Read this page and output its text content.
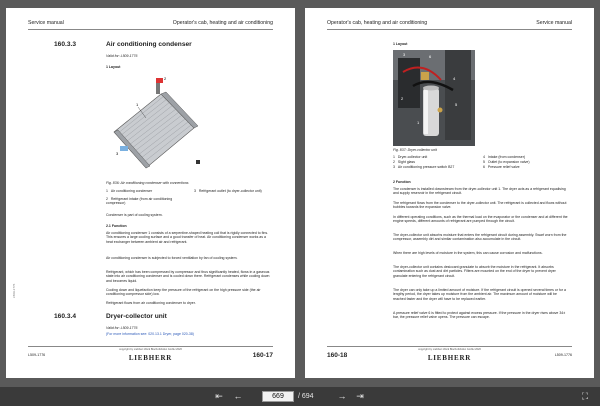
Service manual	Operator's cab, heating and air conditioning
160.3.3	Air conditioning condenser
Valid for: L509-1776
1 Layout
2
3
1
Fig. 836: Air conditioning condenser with connections
1 Air conditioning condenser
2 Refrigerant intake (from air conditioning compressor)
3 Refrigerant outlet (to dryer-collector unit)
Condenser is part of cooling system.
2.1 Function
Air conditioning condenser 1 consists of a serpentine-shaped heating coil that is rigidly connected to fins. This ensures a large cooling surface and a good transfer of heat. Air conditioning condenser works as a heat exchanger between ambient air and refrigerant.
Air conditioning condenser is subjected to forced ventilation by fan of cooling system.
Refrigerant, which has been compressed by compressor and thus significantly heated, flows in a gaseous state into air conditioning condenser and is cooled down there. Refrigerant condenses while cooling down and becomes liquid.
Cooling down and liquefaction keep the pressure of the refrigerant on the high pressure side (the air conditioning compressor side) low.
Refrigerant flows from air conditioning condenser to dryer.
160.3.4	Dryer-collector unit
Valid for: L509-1776
(For more information see: 020.13.1 Dryer, page 020-38)
L509-1776
L509-1776
copyright by Liebherr-Werk Bischofshofen GmbH 2020
LIEBHERR	160-17
Operator's cab, heating and air conditioning	Service manual
1 Layout
6
3
4
2
5
1
Fig. 837: Dryer-collector unit
1 Dryer-collector unit
2 Sight glass
3 Air conditioning pressure switch B27
4 Intake (from condenser)
5 Outlet (to expansion valve)
6 Pressure relief valve
2 Function
The condenser is installed downstream from the dryer-collector unit 1. The dryer acts as a refrigerant equalising and supply reservoir in the refrigerant circuit.
The refrigerant flows from the condenser to the dryer-collector unit. The refrigerant is collected and flows without bubbles towards the expansion valve.
In different operating conditions, such as the thermal load on the evaporator or the condenser and at different the engine speeds, different amounts of refrigerant are pumped through the circuit.
The dryer-collector unit absorbs moisture that enters the refrigerant circuit during assembly. Swarf worn from the compressor, assembly dirt and similar contamination also accumulate in the circuit.
When there are high levels of moisture in the system, this can cause corrosion and malfunctions.
The dryer-collector unit contains desiccant granulate to absorb the moisture in the refrigerant. It absorbs contamination such as dust and dirt particles. Filters are mounted on the end of the dryer to prevent dryer granulate entering the refrigerant circuit.
The dryer can only take up a limited amount of moisture. If the refrigerant circuit is opened several times or for a lengthy period, the dryer takes up moisture from the ambient air. The maximum amount of moisture will be reached faster and the dryer will have to be replaced earlier.
A pressure relief valve 6 is fitted to protect against excess pressure. If the pressure in the dryer rises above 34± bar, the pressure relief valve opens. The pressure can escape.
160-18
copyright by Liebherr-Werk Bischofshofen GmbH 2020
LIEBHERR	L509-1776
⇤ ←
669	/ 694	→ ⇥	⛶
